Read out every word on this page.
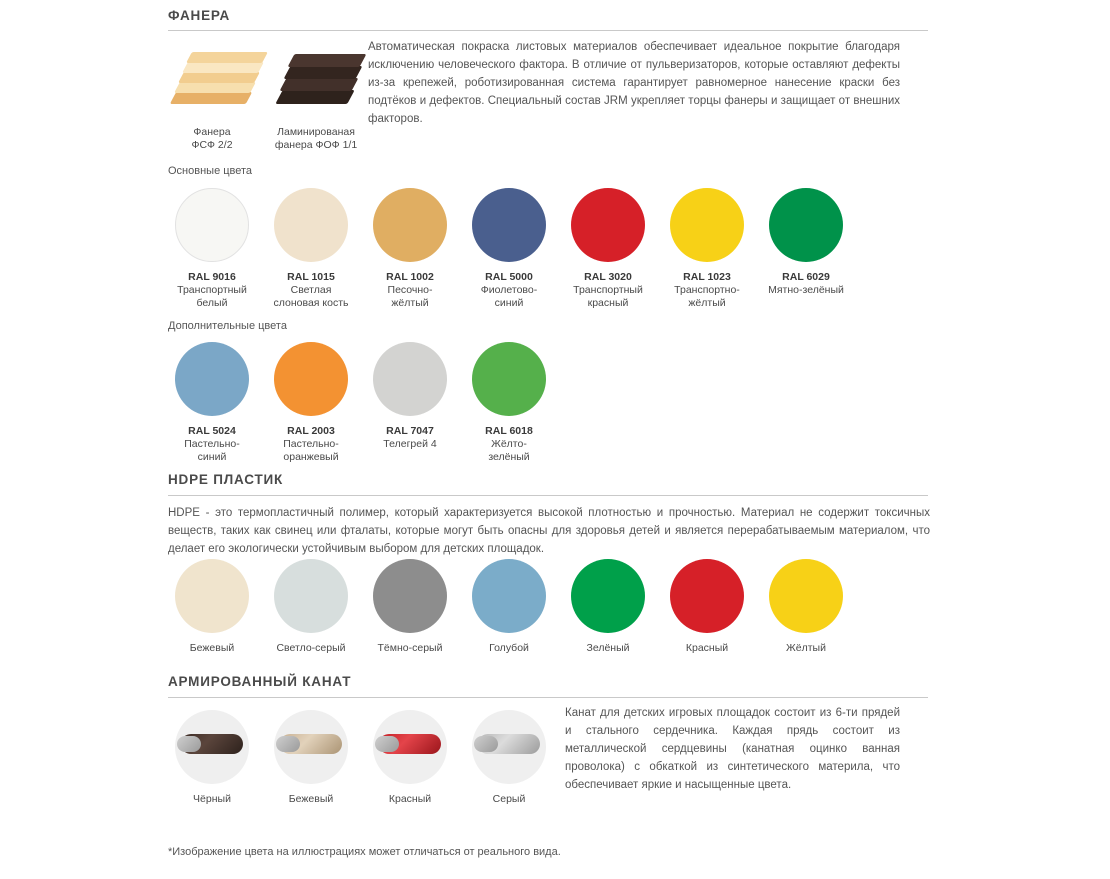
ФАНЕРА
Фанера
ФСФ 2/2
Ламинированая
фанера ФОФ 1/1
Автоматическая покраска листовых материалов обеспечивает идеальное покрытие благодаря исключению человеческого фактора. В отличие от пульверизаторов, которые оставляют дефекты из-за крепежей, роботизированная система гарантирует равномерное нанесение краски без подтёков и дефектов. Специальный состав JRM укрепляет торцы фанеры и защищает от внешних факторов.
Основные цвета
RAL 9016
Транспортный
белый
RAL 1015
Светлая
слоновая кость
RAL 1002
Песочно-
жёлтый
RAL 5000
Фиолетово-
синий
RAL 3020
Транспортный
красный
RAL 1023
Транспортно-
жёлтый
RAL 6029
Мятно-зелёный
Дополнительные цвета
RAL 5024
Пастельно-
синий
RAL 2003
Пастельно-
оранжевый
RAL 7047
Телегрей 4
RAL 6018
Жёлто-
зелёный
HDPE ПЛАСТИК
HDPE - это термопластичный полимер, который характеризуется высокой плотностью и прочностью. Материал не содержит токсичных веществ, таких как свинец или фталаты, которые могут быть опасны для здоровья детей и является перерабатываемым материалом, что делает его экологически устойчивым выбором для детских площадок.
Бежевый	Светло-серый	Тёмно-серый	Голубой	Зелёный	Красный	Жёлтый
АРМИРОВАННЫЙ КАНАТ
Канат для детских игровых площадок состоит из 6-ти прядей и стального сердечника. Каждая прядь состоит из металлической сердцевины (канатная оцинко ванная проволока) с обкаткой из синтетического материла, что обеспечивает яркие и насыщенные цвета.
Чёрный	Бежевый	Красный	Серый
*Изображение цвета на иллюстрациях может отличаться от реального вида.
